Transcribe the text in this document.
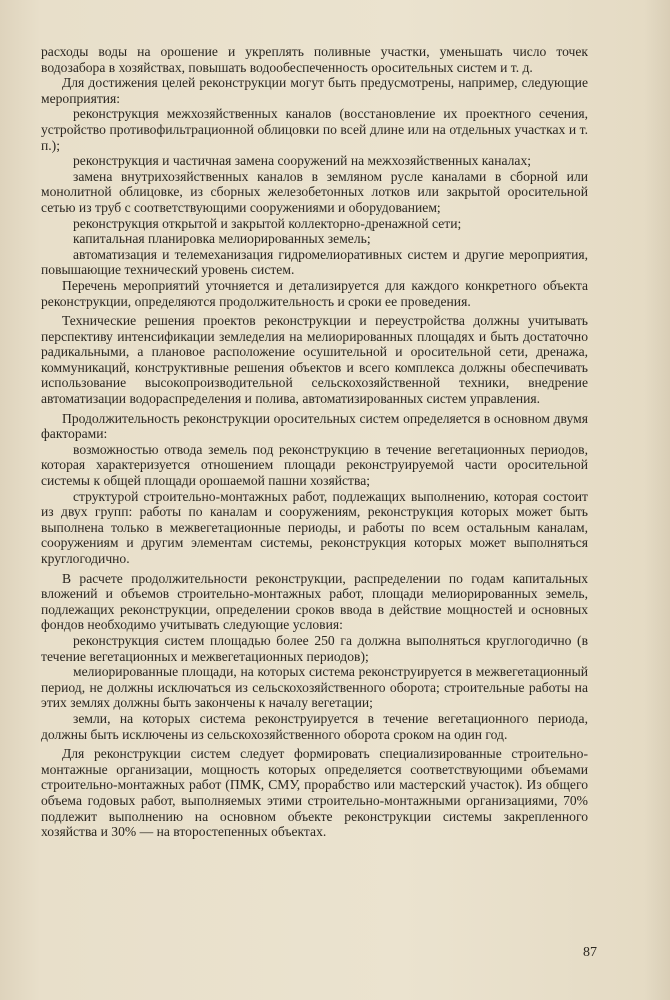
расходы воды на орошение и укреплять поливные участки, уменьшать число точек водозабора в хозяйствах, повышать водообеспеченность оросительных систем и т. д.

Для достижения целей реконструкции могут быть предусмотрены, например, следующие мероприятия:

реконструкция межхозяйственных каналов (восстановление их проектного сечения, устройство противофильтрационной облицовки по всей длине или на отдельных участках и т. п.);

реконструкция и частичная замена сооружений на межхозяйственных каналах;

замена внутрихозяйственных каналов в земляном русле каналами в сборной или монолитной облицовке, из сборных железобетонных лотков или закрытой оросительной сетью из труб с соответствующими сооружениями и оборудованием;

реконструкция открытой и закрытой коллекторно-дренажной сети;

капитальная планировка мелиорированных земель;

автоматизация и телемеханизация гидромелиоративных систем и другие мероприятия, повышающие технический уровень систем.

Перечень мероприятий уточняется и детализируется для каждого конкретного объекта реконструкции, определяются продолжительность и сроки ее проведения.

Технические решения проектов реконструкции и переустройства должны учитывать перспективу интенсификации земледелия на мелиорированных площадях и быть достаточно радикальными, а плановое расположение осушительной и оросительной сети, дренажа, коммуникаций, конструктивные решения объектов и всего комплекса должны обеспечивать использование высокопроизводительной сельскохозяйственной техники, внедрение автоматизации водораспределения и полива, автоматизированных систем управления.

Продолжительность реконструкции оросительных систем определяется в основном двумя факторами:

возможностью отвода земель под реконструкцию в течение вегетационных периодов, которая характеризуется отношением площади реконструируемой части оросительной системы к общей площади орошаемой пашни хозяйства;

структурой строительно-монтажных работ, подлежащих выполнению, которая состоит из двух групп: работы по каналам и сооружениям, реконструкция которых может быть выполнена только в межвегетационные периоды, и работы по всем остальным каналам, сооружениям и другим элементам системы, реконструкция которых может выполняться круглогодично.

В расчете продолжительности реконструкции, распределении по годам капитальных вложений и объемов строительно-монтажных работ, площади мелиорированных земель, подлежащих реконструкции, определении сроков ввода в действие мощностей и основных фондов необходимо учитывать следующие условия:

реконструкция систем площадью более 250 га должна выполняться круглогодично (в течение вегетационных и межвегетационных периодов);

мелиорированные площади, на которых система реконструируется в межвегетационный период, не должны исключаться из сельскохозяйственного оборота; строительные работы на этих землях должны быть закончены к началу вегетации;

земли, на которых система реконструируется в течение вегетационного периода, должны быть исключены из сельскохозяйственного оборота сроком на один год.

Для реконструкции систем следует формировать специализированные строительно-монтажные организации, мощность которых определяется соответствующими объемами строительно-монтажных работ (ПМК, СМУ, прорабство или мастерский участок). Из общего объема годовых работ, выполняемых этими строительно-монтажными организациями, 70% подлежит выполнению на основном объекте реконструкции системы закрепленного хозяйства и 30% — на второстепенных объектах.

87
